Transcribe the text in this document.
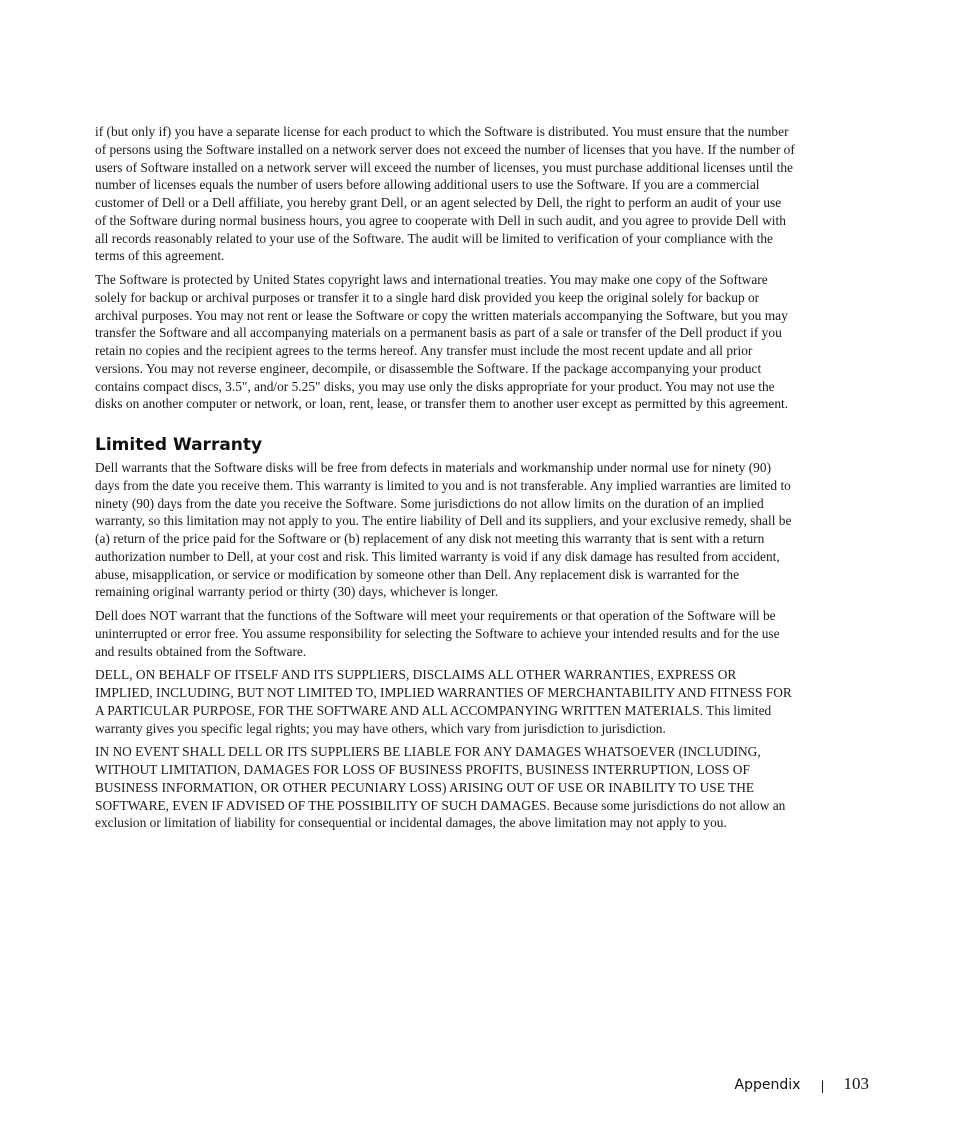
if (but only if) you have a separate license for each product to which the Software is distributed. You must ensure that the number of persons using the Software installed on a network server does not exceed the number of licenses that you have. If the number of users of Software installed on a network server will exceed the number of licenses, you must purchase additional licenses until the number of licenses equals the number of users before allowing additional users to use the Software. If you are a commercial customer of Dell or a Dell affiliate, you hereby grant Dell, or an agent selected by Dell, the right to perform an audit of your use of the Software during normal business hours, you agree to cooperate with Dell in such audit, and you agree to provide Dell with all records reasonably related to your use of the Software. The audit will be limited to verification of your compliance with the terms of this agreement.

The Software is protected by United States copyright laws and international treaties. You may make one copy of the Software solely for backup or archival purposes or transfer it to a single hard disk provided you keep the original solely for backup or archival purposes. You may not rent or lease the Software or copy the written materials accompanying the Software, but you may transfer the Software and all accompanying materials on a permanent basis as part of a sale or transfer of the Dell product if you retain no copies and the recipient agrees to the terms hereof. Any transfer must include the most recent update and all prior versions. You may not reverse engineer, decompile, or disassemble the Software. If the package accompanying your product contains compact discs, 3.5", and/or 5.25" disks, you may use only the disks appropriate for your product. You may not use the disks on another computer or network, or loan, rent, lease, or transfer them to another user except as permitted by this agreement.

Limited Warranty

Dell warrants that the Software disks will be free from defects in materials and workmanship under normal use for ninety (90) days from the date you receive them. This warranty is limited to you and is not transferable. Any implied warranties are limited to ninety (90) days from the date you receive the Software. Some jurisdictions do not allow limits on the duration of an implied warranty, so this limitation may not apply to you. The entire liability of Dell and its suppliers, and your exclusive remedy, shall be (a) return of the price paid for the Software or (b) replacement of any disk not meeting this warranty that is sent with a return authorization number to Dell, at your cost and risk. This limited warranty is void if any disk damage has resulted from accident, abuse, misapplication, or service or modification by someone other than Dell. Any replacement disk is warranted for the remaining original warranty period or thirty (30) days, whichever is longer.

Dell does NOT warrant that the functions of the Software will meet your requirements or that operation of the Software will be uninterrupted or error free. You assume responsibility for selecting the Software to achieve your intended results and for the use and results obtained from the Software.

DELL, ON BEHALF OF ITSELF AND ITS SUPPLIERS, DISCLAIMS ALL OTHER WARRANTIES, EXPRESS OR IMPLIED, INCLUDING, BUT NOT LIMITED TO, IMPLIED WARRANTIES OF MERCHANTABILITY AND FITNESS FOR A PARTICULAR PURPOSE, FOR THE SOFTWARE AND ALL ACCOMPANYING WRITTEN MATERIALS. This limited warranty gives you specific legal rights; you may have others, which vary from jurisdiction to jurisdiction.

IN NO EVENT SHALL DELL OR ITS SUPPLIERS BE LIABLE FOR ANY DAMAGES WHATSOEVER (INCLUDING, WITHOUT LIMITATION, DAMAGES FOR LOSS OF BUSINESS PROFITS, BUSINESS INTERRUPTION, LOSS OF BUSINESS INFORMATION, OR OTHER PECUNIARY LOSS) ARISING OUT OF USE OR INABILITY TO USE THE SOFTWARE, EVEN IF ADVISED OF THE POSSIBILITY OF SUCH DAMAGES. Because some jurisdictions do not allow an exclusion or limitation of liability for consequential or incidental damages, the above limitation may not apply to you.

Appendix | 103
